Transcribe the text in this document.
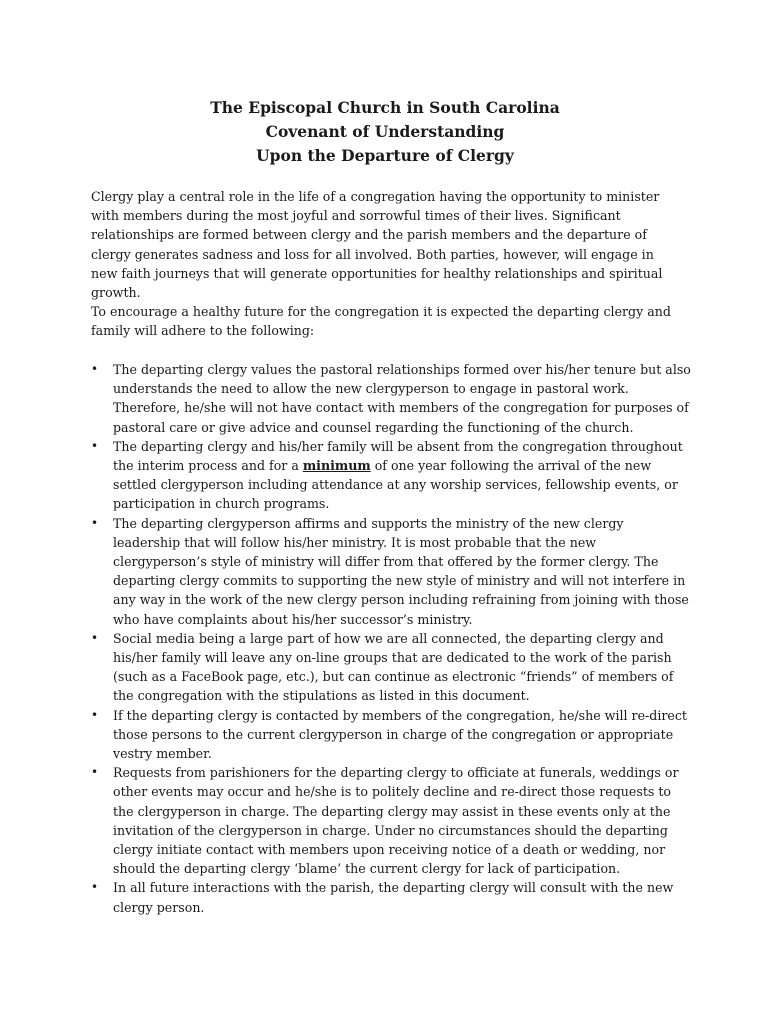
The Episcopal Church in South Carolina
Covenant of Understanding
Upon the Departure of Clergy

Clergy play a central role in the life of a congregation having the opportunity to minister with members during the most joyful and sorrowful times of their lives. Significant relationships are formed between clergy and the parish members and the departure of clergy generates sadness and loss for all involved. Both parties, however, will engage in new faith journeys that will generate opportunities for healthy relationships and spiritual growth.

To encourage a healthy future for the congregation it is expected the departing clergy and family will adhere to the following:

• The departing clergy values the pastoral relationships formed over his/her tenure but also understands the need to allow the new clergyperson to engage in pastoral work. Therefore, he/she will not have contact with members of the congregation for purposes of pastoral care or give advice and counsel regarding the functioning of the church.
• The departing clergy and his/her family will be absent from the congregation throughout the interim process and for a minimum of one year following the arrival of the new settled clergyperson including attendance at any worship services, fellowship events, or participation in church programs.
• The departing clergyperson affirms and supports the ministry of the new clergy leadership that will follow his/her ministry. It is most probable that the new clergyperson’s style of ministry will differ from that offered by the former clergy. The departing clergy commits to supporting the new style of ministry and will not interfere in any way in the work of the new clergy person including refraining from joining with those who have complaints about his/her successor’s ministry.
• Social media being a large part of how we are all connected, the departing clergy and his/her family will leave any on-line groups that are dedicated to the work of the parish (such as a FaceBook page, etc.), but can continue as electronic “friends” of members of the congregation with the stipulations as listed in this document.
• If the departing clergy is contacted by members of the congregation, he/she will re-direct those persons to the current clergyperson in charge of the congregation or appropriate vestry member.
• Requests from parishioners for the departing clergy to officiate at funerals, weddings or other events may occur and he/she is to politely decline and re-direct those requests to the clergyperson in charge. The departing clergy may assist in these events only at the invitation of the clergyperson in charge. Under no circumstances should the departing clergy initiate contact with members upon receiving notice of a death or wedding, nor should the departing clergy ‘blame’ the current clergy for lack of participation.
• In all future interactions with the parish, the departing clergy will consult with the new clergy person.
